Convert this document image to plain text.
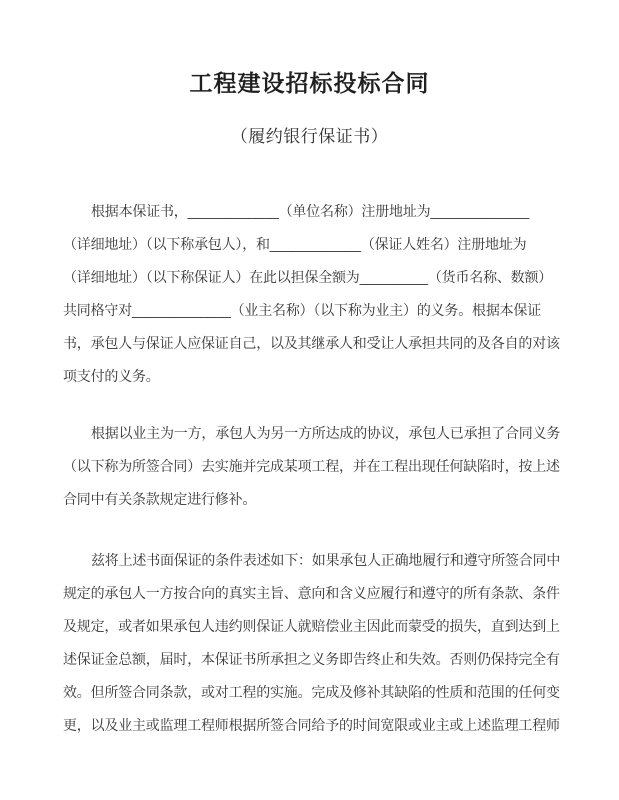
工程建设招标投标合同
（履约银行保证书）
根据本保证书，____________（单位名称）注册地址为_____________
（详细地址）（以下称承包人），和____________（保证人姓名）注册地址为
（详细地址）（以下称保证人）在此以担保全额为_________（货币名称、数额）
共同格守对_____________（业主名称）（以下称为业主）的义务。根据本保证
书，承包人与保证人应保证自己，以及其继承人和受让人承担共同的及各自的对该
项支付的义务。
根据以业主为一方，承包人为另一方所达成的协议，承包人已承担了合同义务
（以下称为所签合同）去实施并完成某项工程，并在工程出现任何缺陷时，按上述
合同中有关条款规定进行修补。
兹将上述书面保证的条件表述如下：如果承包人正确地履行和遵守所签合同中
规定的承包人一方按合向的真实主旨、意向和含义应履行和遵守的所有条款、条件
及规定，或者如果承包人违约则保证人就赔偿业主因此而蒙受的损失，直到达到上
述保证金总额，届时，本保证书所承担之义务即告终止和失效。否则仍保持完全有
效。但所签合同条款，或对工程的实施。完成及修补其缺陷的性质和范围的任何变
更，以及业主或监理工程师根据所签合同给予的时间宽限或业主或上述监理工程师
